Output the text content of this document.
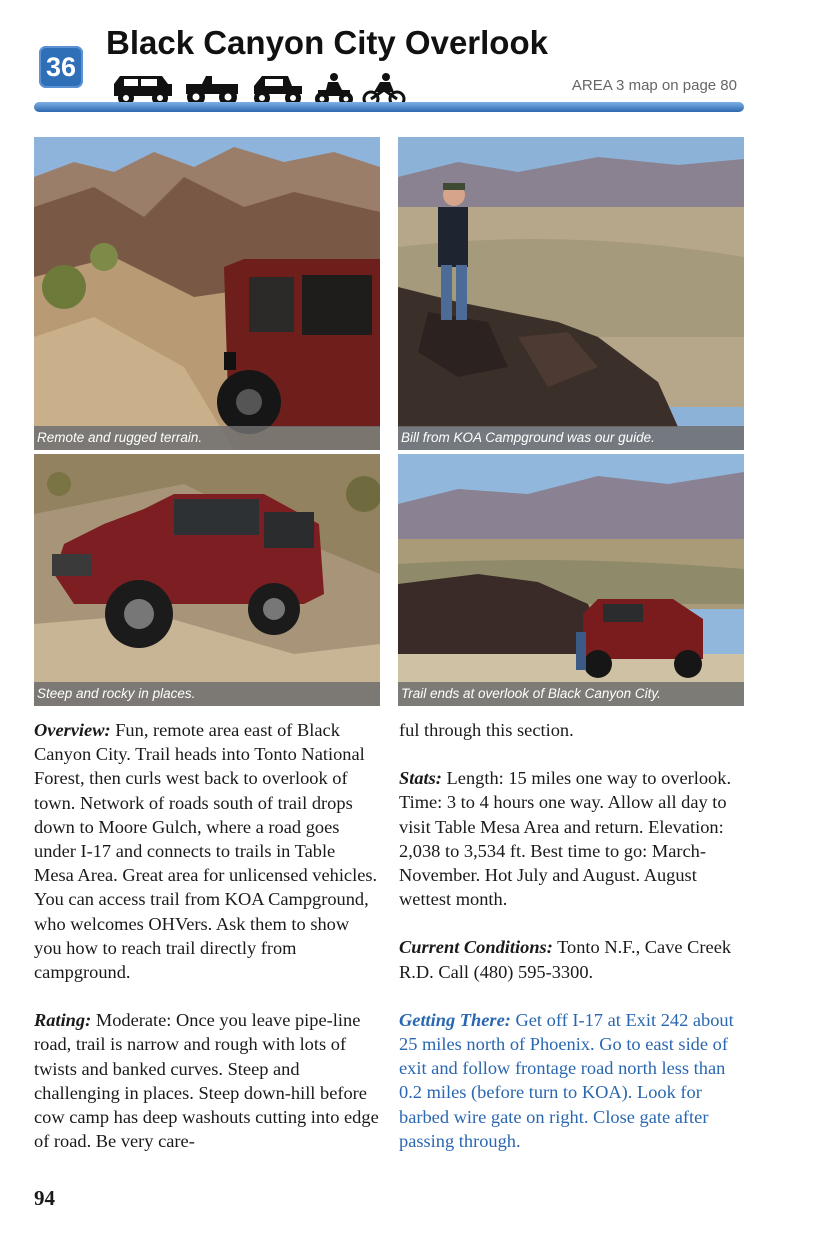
36
Black Canyon City Overlook
AREA 3 map on page 80
Remote and rugged terrain.	Bill from KOA Campground was our guide.
Steep and rocky in places.	Trail ends at overlook of Black Canyon City.

Overview: Fun, remote area east of Black Canyon City. Trail heads into Tonto National Forest, then curls west back to overlook of town. Network of roads south of trail drops down to Moore Gulch, where a road goes under I-17 and connects to trails in Table Mesa Area. Great area for unlicensed vehicles. You can access trail from KOA Campground, who welcomes OHVers. Ask them to show you how to reach trail directly from campground.

Rating: Moderate: Once you leave pipe-line road, trail is narrow and rough with lots of twists and banked curves. Steep and challenging in places. Steep down-hill before cow camp has deep washouts cutting into edge of road. Be very care-

ful through this section.

Stats: Length: 15 miles one way to overlook. Time: 3 to 4 hours one way. Allow all day to visit Table Mesa Area and return. Elevation: 2,038 to 3,534 ft. Best time to go: March-November. Hot July and August. August wettest month.

Current Conditions: Tonto N.F., Cave Creek R.D. Call (480) 595-3300.

Getting There: Get off I-17 at Exit 242 about 25 miles north of Phoenix. Go to east side of exit and follow frontage road north less than 0.2 miles (before turn to KOA). Look for barbed wire gate on right. Close gate after passing through.

94
